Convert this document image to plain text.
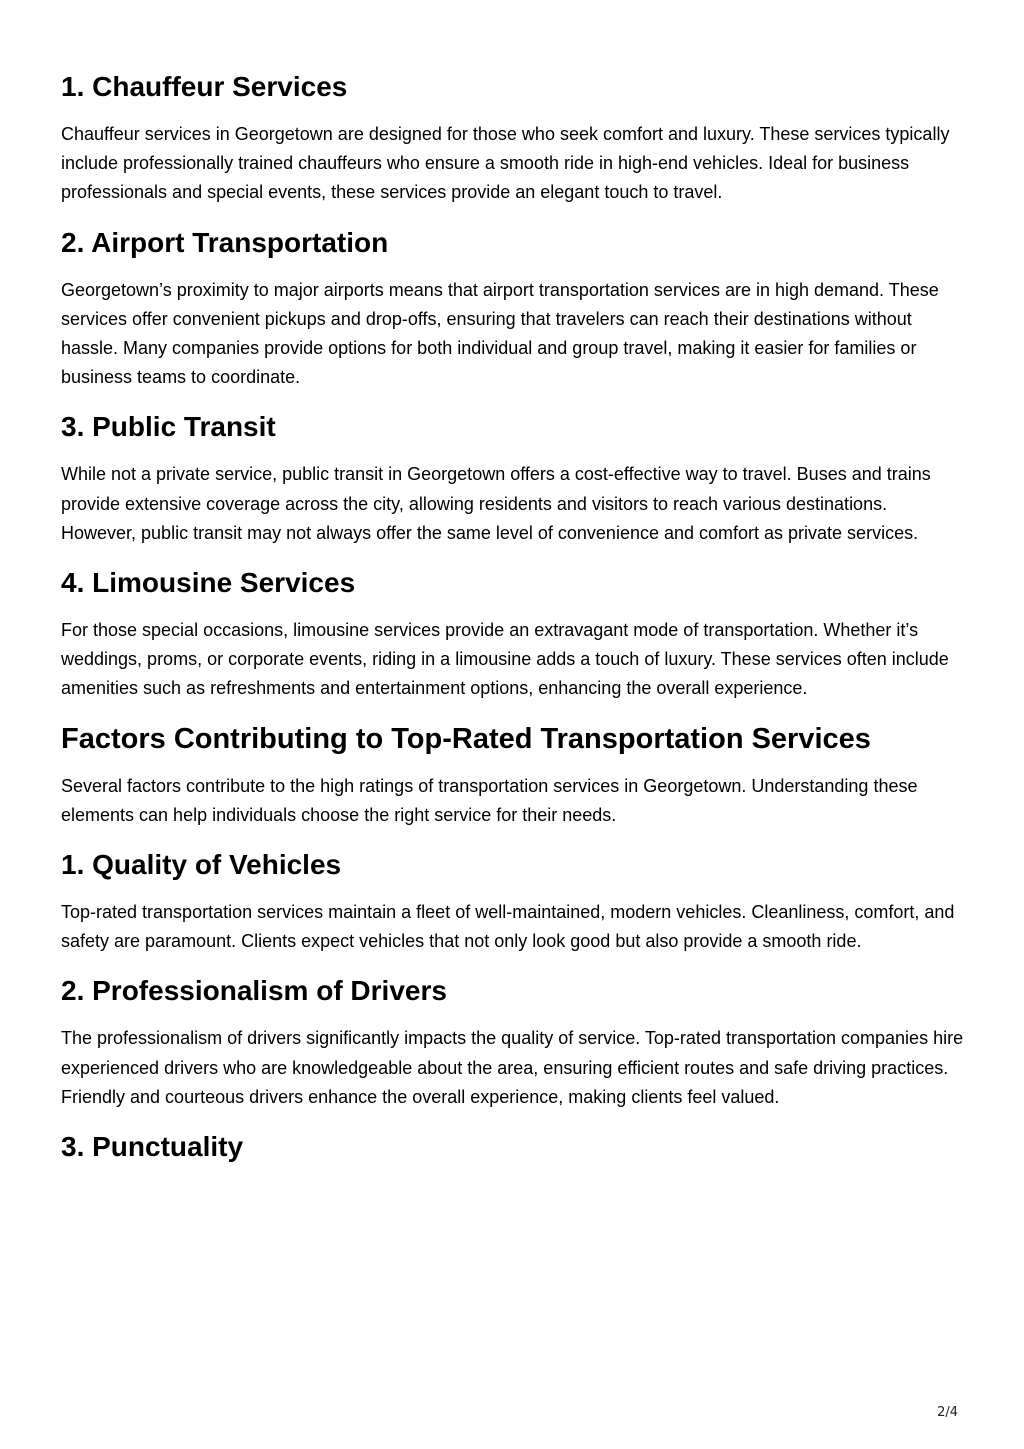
1. Chauffeur Services

Chauffeur services in Georgetown are designed for those who seek comfort and luxury. These services typically include professionally trained chauffeurs who ensure a smooth ride in high-end vehicles. Ideal for business professionals and special events, these services provide an elegant touch to travel.

2. Airport Transportation

Georgetown’s proximity to major airports means that airport transportation services are in high demand. These services offer convenient pickups and drop-offs, ensuring that travelers can reach their destinations without hassle. Many companies provide options for both individual and group travel, making it easier for families or business teams to coordinate.

3. Public Transit

While not a private service, public transit in Georgetown offers a cost-effective way to travel. Buses and trains provide extensive coverage across the city, allowing residents and visitors to reach various destinations. However, public transit may not always offer the same level of convenience and comfort as private services.

4. Limousine Services

For those special occasions, limousine services provide an extravagant mode of transportation. Whether it’s weddings, proms, or corporate events, riding in a limousine adds a touch of luxury. These services often include amenities such as refreshments and entertainment options, enhancing the overall experience.

Factors Contributing to Top-Rated Transportation Services

Several factors contribute to the high ratings of transportation services in Georgetown. Understanding these elements can help individuals choose the right service for their needs.

1. Quality of Vehicles

Top-rated transportation services maintain a fleet of well-maintained, modern vehicles. Cleanliness, comfort, and safety are paramount. Clients expect vehicles that not only look good but also provide a smooth ride.

2. Professionalism of Drivers

The professionalism of drivers significantly impacts the quality of service. Top-rated transportation companies hire experienced drivers who are knowledgeable about the area, ensuring efficient routes and safe driving practices. Friendly and courteous drivers enhance the overall experience, making clients feel valued.

3. Punctuality
2/4
